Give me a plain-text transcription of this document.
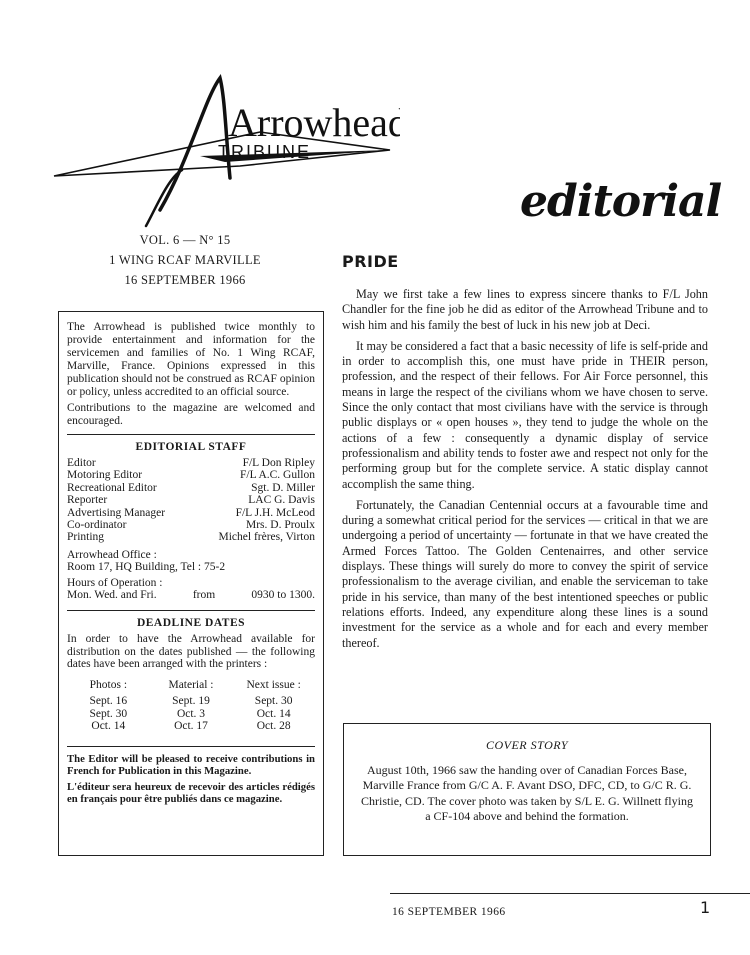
Arrowhead
TRIBUNE
editorial
VOL. 6 — N° 15
1 WING RCAF MARVILLE
16 SEPTEMBER 1966

The Arrowhead is published twice monthly to provide entertainment and information for the servicemen and families of No. 1 Wing RCAF, Marville, France. Opinions expressed in this publication should not be construed as RCAF opinion or policy, unless accredited to an official source.

Contributions to the magazine are welcomed and encouraged.

EDITORIAL STAFF
Editor	F/L Don Ripley
Motoring Editor	F/L A.C. Gullon
Recreational Editor	Sgt. D. Miller
Reporter	LAC G. Davis
Advertising Manager	F/L J.H. McLeod
Co-ordinator	Mrs. D. Proulx
Printing	Michel frères, Virton
Arrowhead Office :
Room 17, HQ Building, Tel : 75-2
Hours of Operation :
Mon. Wed. and Fri.	from	0930 to 1300.
DEADLINE DATES
In order to have the Arrowhead available for distribution on the dates published — the following dates have been arranged with the printers :
Photos :	Material :	Next issue :
Sept. 16	Sept. 19	Sept. 30
Sept. 30	Oct. 3	Oct. 14
Oct. 14	Oct. 17	Oct. 28

The Editor will be pleased to receive contributions in French for Publication in this Magazine.

L'éditeur sera heureux de recevoir des articles rédigés en français pour être publiés dans ce magazine.

PRIDE

May we first take a few lines to express sincere thanks to F/L John Chandler for the fine job he did as editor of the Arrowhead Tribune and to wish him and his family the best of luck in his new job at Deci.

It may be considered a fact that a basic necessity of life is self-pride and in order to accomplish this, one must have pride in THEIR person, profession, and the respect of their fellows. For Air Force personnel, this means in large the respect of the civilians whom we have chosen to serve. Since the only contact that most civilians have with the service is through public displays or « open houses », they tend to judge the whole on the actions of a few : consequently a dynamic display of service professionalism and ability tends to foster awe and respect not only for the performing group but for the complete service. A static display cannot accomplish the same thing.

Fortunately, the Canadian Centennial occurs at a favourable time and during a somewhat critical period for the services — critical in that we are undergoing a period of uncertainty — fortunate in that we have created the Armed Forces Tattoo. The Golden Centenairres, and other service displays. These things will surely do more to convey the spirit of service professionalism to the average civilian, and enable the serviceman to take pride in his service, than many of the best intentioned speeches or public relations efforts. Indeed, any expenditure along these lines is a sound investment for the service as a whole and for each and every member thereof.

COVER STORY
August 10th, 1966 saw the handing over of Canadian Forces Base, Marville France from G/C A. F. Avant DSO, DFC, CD, to G/C R. G. Christie, CD. The cover photo was taken by S/L E. G. Willnett flying a CF-104 above and behind the formation.
16 SEPTEMBER 1966	1
